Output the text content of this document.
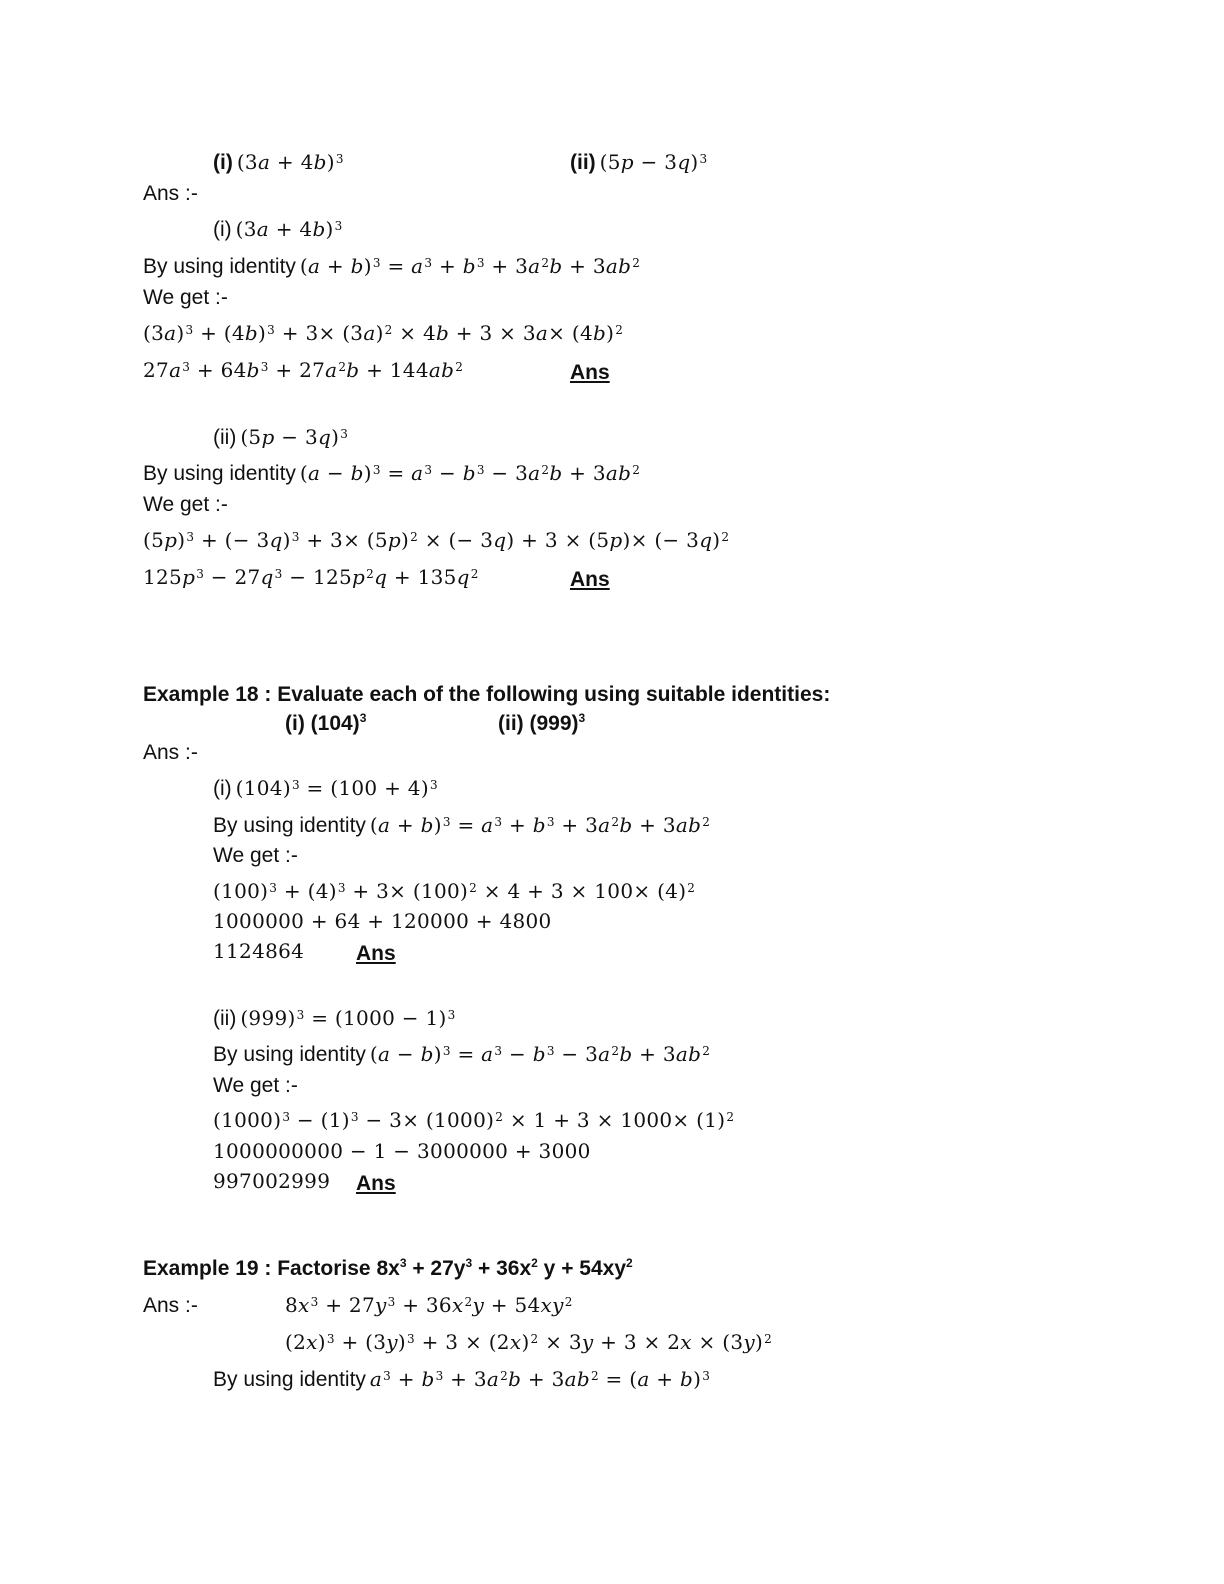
(i) $(3a + 4b)^3$	(ii) $(5p - 3q)^3$
Ans :-
(i) $(3a + 4b)^3$
By using identity $(a + b)^3 = a^3 + b^3 + 3a^2b + 3ab^2$
We get :-
$(3a)^3 + (4b)^3 + 3\times (3a)^2 \times 4b + 3 \times 3a\times (4b)^2$
$27a^3 + 64b^3 + 27a^2b + 144ab^2$	Ans
(ii) $(5p - 3q)^3$
By using identity $(a - b)^3 = a^3 - b^3 - 3a^2b + 3ab^2$
We get :-
$(5p)^3$ + (− $3q)^3 + 3\times (5p)^2$ × (− 3q) + 3 × (5p)× (− 3q)$^2$
$125p^3 - 27q^3 - 125p^2q + 135q^2$	Ans
Example 18 : Evaluate each of the following using suitable identities:
(i) $(104)^3$	(ii) $(999)^3$
Ans :-
(i) $(104)^3 = (100 + 4)^3$
By using identity $(a + b)^3 = a^3 + b^3 + 3a^2b + 3ab^2$
We get :-
$(100)^3 + (4)^3 + 3\times (100)^2 \times 4 + 3 \times 100\times (4)^2$
1000000 + 64 + 120000 + 4800
1124864 Ans
(ii) $(999)^3 = (1000 - 1)^3$
By using identity $(a - b)^3 = a^3 - b^3 - 3a^2b + 3ab^2$
We get :-
$(1000)^3 - (1)^3 - 3\times (1000)^2 \times 1 + 3 \times 1000\times (1)^2$
1000000000 − 1 − 3000000 + 3000
997002999 Ans
Example 19 : Factorise $8x^3 + 27y^3 + 36x^2$ $y + 54xy^2$
Ans :-	$8x^3 + 27y^3 + 36x^2y + 54xy^2$
$(2x)^3 + (3y)^3 + 3 \times (2x)^2 \times 3y + 3 \times 2x \times (3y)^2$
By using identity $a^3 + b^3 + 3a^2b + 3ab^2 = (a + b)^3$
